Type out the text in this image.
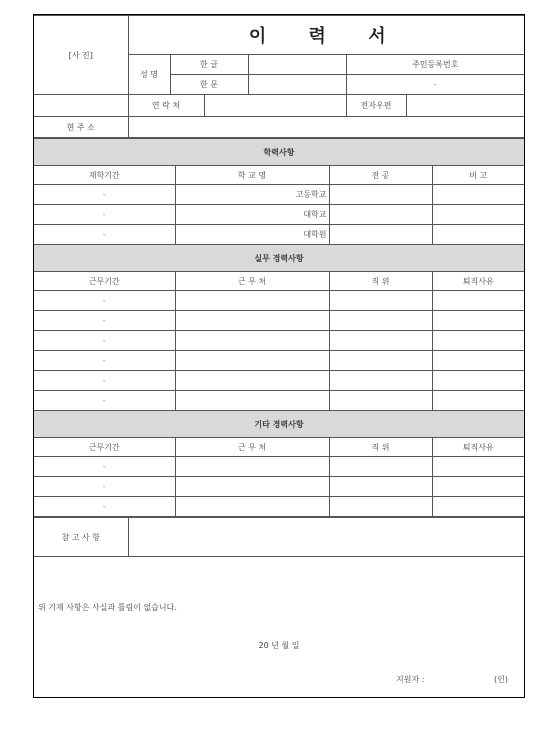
[사 진]	이 력 서					
	성 명	한 글			주민등록번호	
		한 문			-	
	연 락 처				전자우편	
현 주 소						
학력사항			
재학기간	학 교 명	전 공	비 고
-	고등학교		
-	대학교		
-	대학원		
실무 경력사항			
근무기간	근 무 처	직 위	퇴직사유
-			
-			
-			
-			
-			
-			
기타 경력사항			
근무기간	근 무 처	직 위	퇴직사유
-			
-			
-			
참 고 사 항	
위 기재 사항은 사실과 틀림이 없습니다.
20 년 월 일
지원자 :	(인)
